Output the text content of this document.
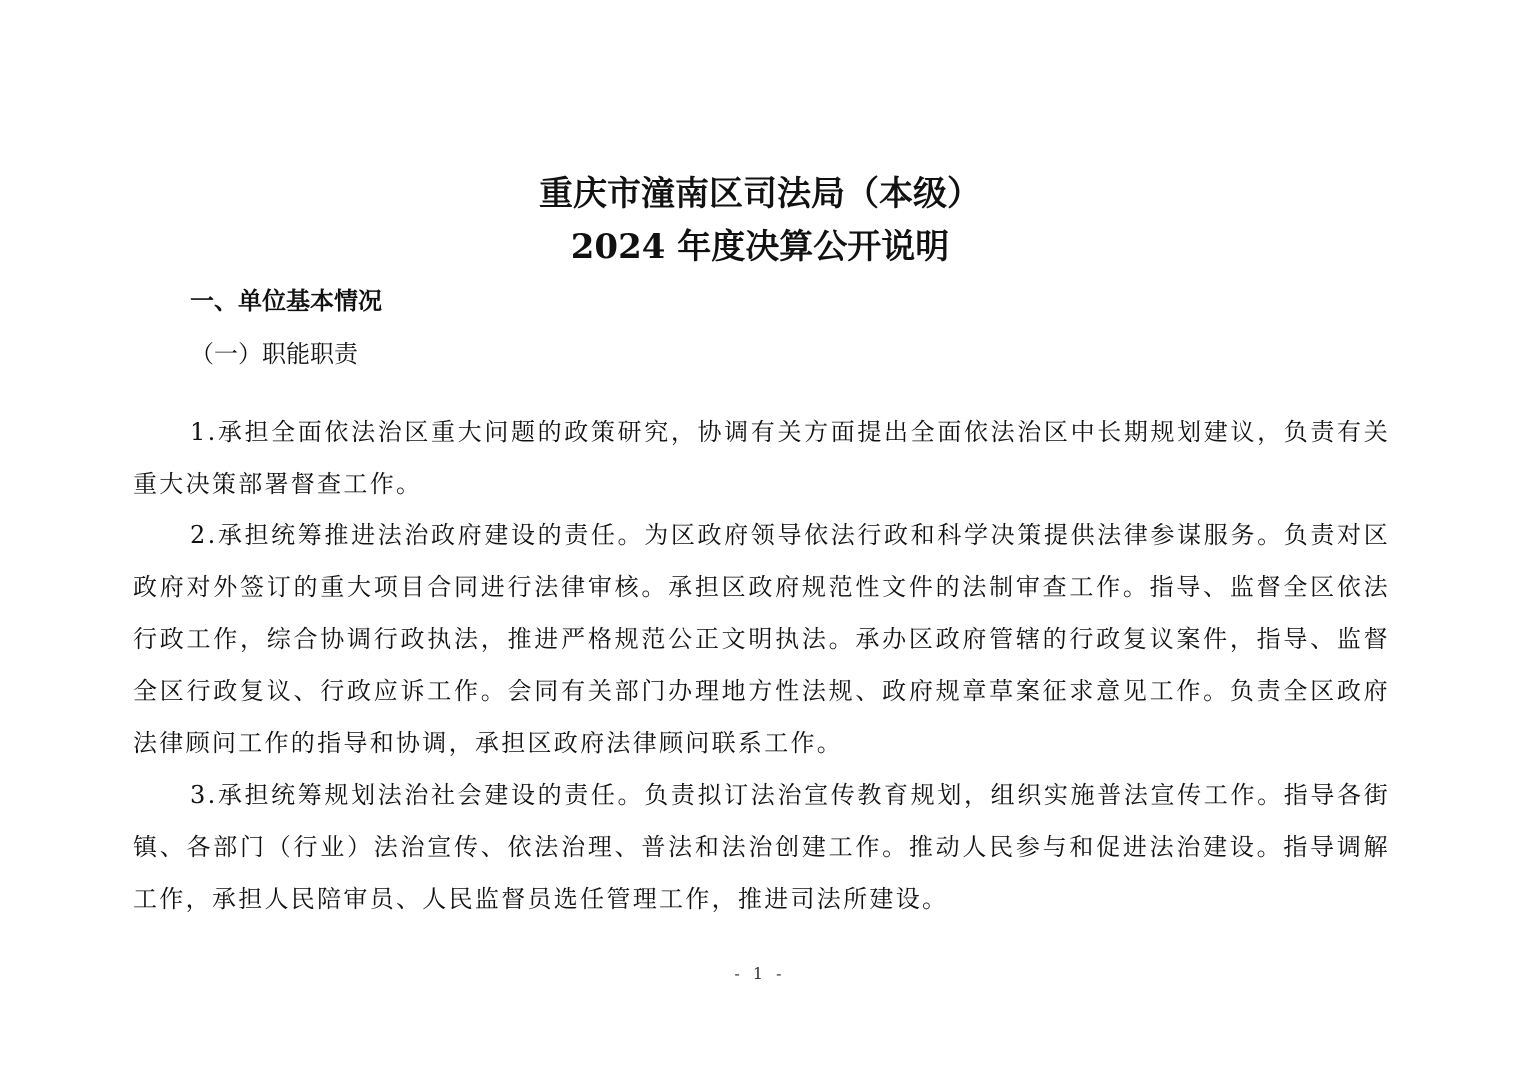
重庆市潼南区司法局（本级）
2024 年度决算公开说明
一、单位基本情况
（一）职能职责

1.承担全面依法治区重大问题的政策研究，协调有关方面提出全面依法治区中长期规划建议，负责有关重大决策部署督查工作。

2.承担统筹推进法治政府建设的责任。为区政府领导依法行政和科学决策提供法律参谋服务。负责对区政府对外签订的重大项目合同进行法律审核。承担区政府规范性文件的法制审查工作。指导、监督全区依法行政工作，综合协调行政执法，推进严格规范公正文明执法。承办区政府管辖的行政复议案件，指导、监督全区行政复议、行政应诉工作。会同有关部门办理地方性法规、政府规章草案征求意见工作。负责全区政府法律顾问工作的指导和协调，承担区政府法律顾问联系工作。

3.承担统筹规划法治社会建设的责任。负责拟订法治宣传教育规划，组织实施普法宣传工作。指导各街镇、各部门（行业）法治宣传、依法治理、普法和法治创建工作。推动人民参与和促进法治建设。指导调解工作，承担人民陪审员、人民监督员选任管理工作，推进司法所建设。

- 1 -
